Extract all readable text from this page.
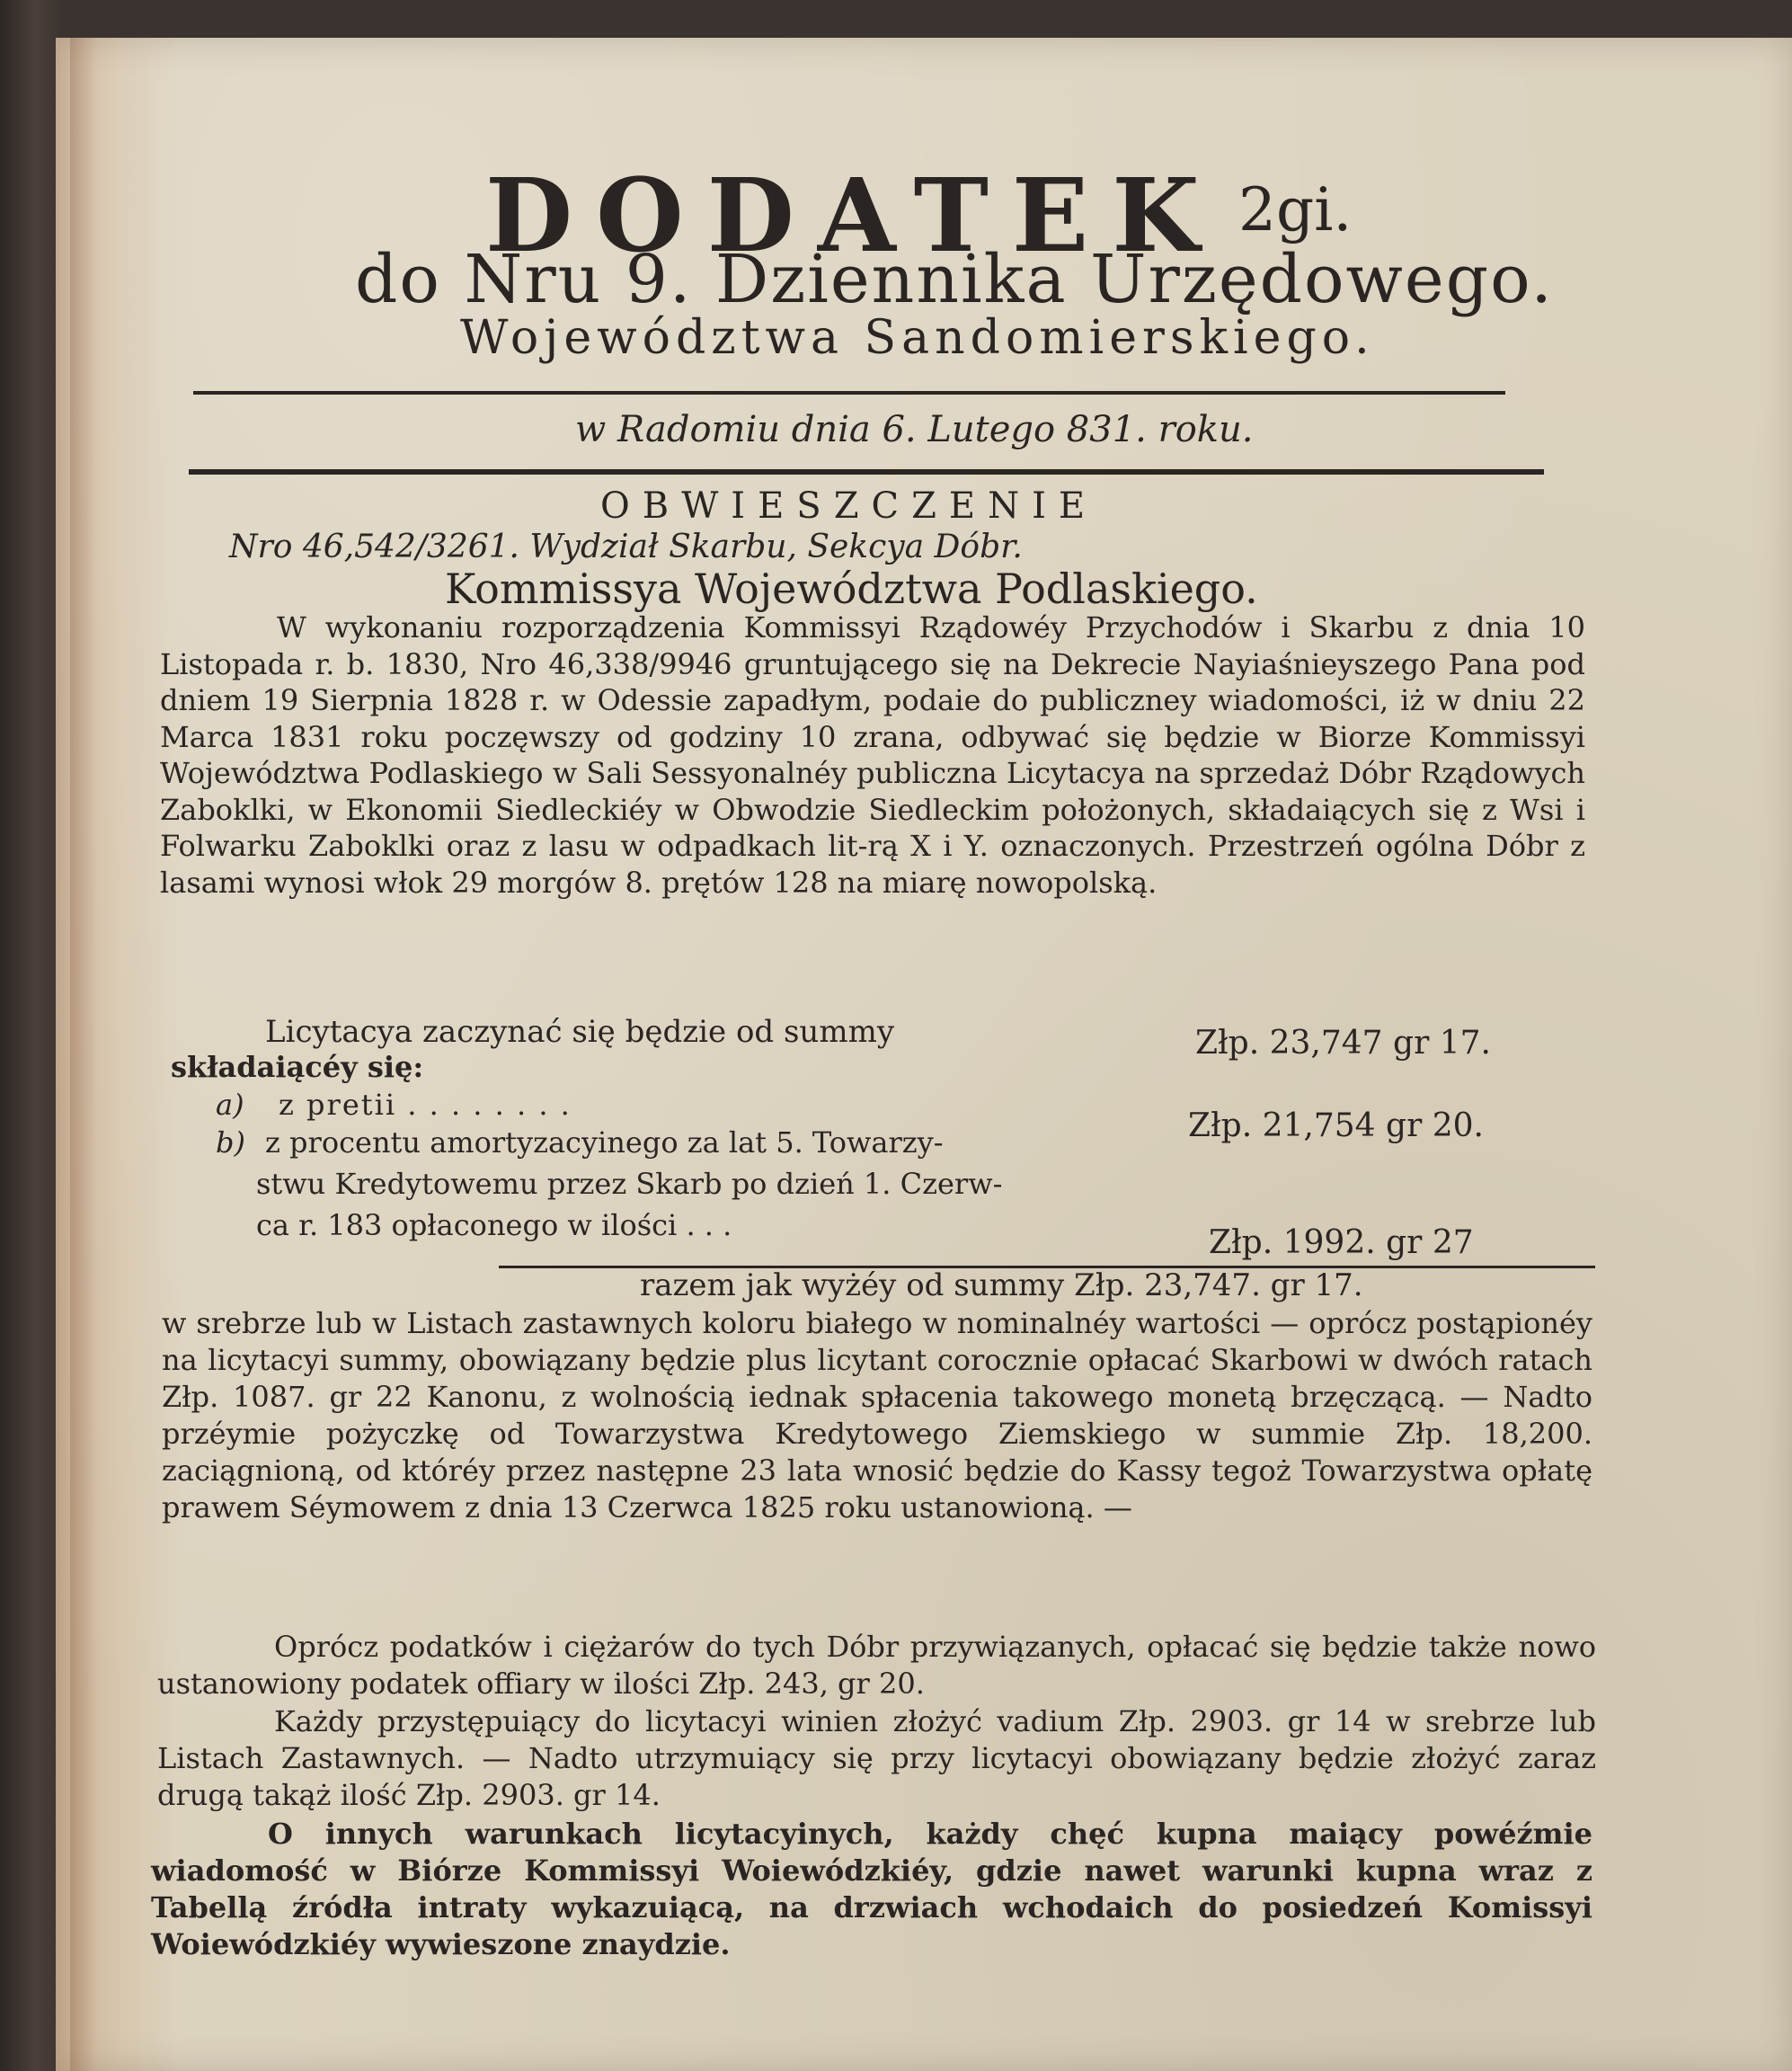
DODATEK 2gi.
do Nru 9. Dziennika Urzędowego.
Województwa Sandomierskiego.
w Radomiu dnia 6. Lutego 831. roku.
OBWIESZCZENIE
Nro 46,542/3261. Wydział Skarbu, Sekcya Dóbr.
Kommissya Województwa Podlaskiego.
W wykonaniu rozporządzenia Kommissyi Rządowéy Przychodów i Skarbu z dnia 10 Listopada r. b. 1830, Nro 46,338/9946 gruntującego się na Dekrecie Nayiaśnieyszego Pana pod dniem 19 Sierpnia 1828 r. w Odessie zapadłym, podaie do publiczney wiadomości, iż w dniu 22 Marca 1831 roku poczęwszy od godziny 10 zrana, odbywać się będzie w Biorze Kommissyi Województwa Podlaskiego w Sali Sessyonalnéy publiczna Licytacya na sprzedaż Dóbr Rządowych Zaboklki, w Ekonomii Siedleckiéy w Obwodzie Siedleckim położonych, składaiących się z Wsi i Folwarku Zaboklki oraz z lasu w odpadkach lit-rą X i Y. oznaczonych. Przestrzeń ogólna Dóbr z lasami wynosi włok 29 morgów 8. prętów 128 na miarę nowopolską.
Licytacya zaczynać się będzie od summy	Złp. 23,747 gr 17.
składaiącéy się:
a) z pretii . . . . . . . .
Złp. 21,754 gr 20.
b) z procentu amortyzacyinego za lat 5. Towarzy-
stwu Kredytowemu przez Skarb po dzień 1. Czerw-
ca r. 183 opłaconego w ilości . . .	Złp. 1992. gr 27
razem jak wyżéy od summy Złp. 23,747. gr 17.
w srebrze lub w Listach zastawnych koloru białego w nominalnéy wartości — oprócz postąpionéy na licytacyi summy, obowiązany będzie plus licytant corocznie opłacać Skarbowi w dwóch ratach Złp. 1087. gr 22 Kanonu, z wolnością iednak spłacenia takowego monetą brzęczącą. — Nadto przéymie pożyczkę od Towarzystwa Kredytowego Ziemskiego w summie Złp. 18,200. zaciągnioną, od któréy przez następne 23 lata wnosić będzie do Kassy tegoż Towarzystwa opłatę prawem Séymowem z dnia 13 Czerwca 1825 roku ustanowioną. —
Oprócz podatków i ciężarów do tych Dóbr przywiązanych, opłacać się będzie także nowo ustanowiony podatek offiary w ilości Złp. 243, gr 20.
Każdy przystępuiący do licytacyi winien złożyć vadium Złp. 2903. gr 14 w srebrze lub Listach Zastawnych. — Nadto utrzymuiący się przy licytacyi obowiązany będzie złożyć zaraz drugą takąż ilość Złp. 2903. gr 14.
O innych warunkach licytacyinych, każdy chęć kupna maiący powéźmie wiadomość w Biórze Kommissyi Woiewódzkiéy, gdzie nawet warunki kupna wraz z Tabellą źródła intraty wykazuiącą, na drzwiach wchodaich do posiedzeń Komissyi Woiewódzkiéy wywieszone znaydzie.
